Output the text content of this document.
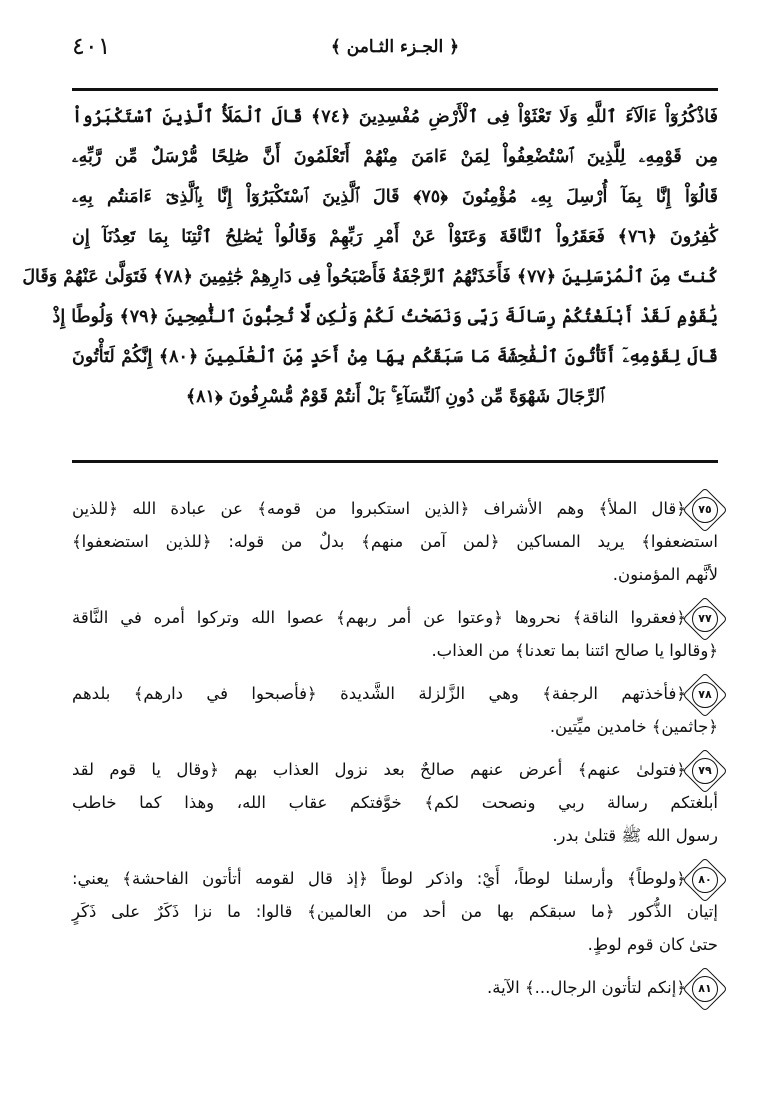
٤٠١	﴿ الجـزء الثـامن ﴾
فَاذْكُرُوٓاْ ءَالَآءَ ٱللَّهِ وَلَا تَعْثَوْاْ فِى ٱلْأَرْضِ مُفْسِدِينَ ﴿٧٤﴾ قَالَ ٱلْمَلَأُ ٱلَّذِينَ ٱسْتَكْبَرُواْ
مِن قَوْمِهِۦ لِلَّذِينَ ٱسْتُضْعِفُواْ لِمَنْ ءَامَنَ مِنْهُمْ أَتَعْلَمُونَ أَنَّ صَٰلِحًا مُّرْسَلٌ مِّن رَّبِّهِۦ
قَالُوٓاْ إِنَّا بِمَآ أُرْسِلَ بِهِۦ مُؤْمِنُونَ ﴿٧٥﴾ قَالَ ٱلَّذِينَ ٱسْتَكْبَرُوٓاْ إِنَّا بِٱلَّذِىٓ ءَامَنتُم بِهِۦ
كَٰفِرُونَ ﴿٧٦﴾ فَعَقَرُواْ ٱلنَّاقَةَ وَعَتَوْاْ عَنْ أَمْرِ رَبِّهِمْ وَقَالُواْ يَٰصَٰلِحُ ٱئْتِنَا بِمَا تَعِدُنَآ إِن
كُنتَ مِنَ ٱلْمُرْسَلِينَ ﴿٧٧﴾ فَأَخَذَتْهُمُ ٱلرَّجْفَةُ فَأَصْبَحُواْ فِى دَارِهِمْ جَٰثِمِينَ ﴿٧٨﴾ فَتَوَلَّىٰ عَنْهُمْ وَقَالَ
يَٰقَوْمِ لَقَدْ أَبْلَغْتُكُمْ رِسَالَةَ رَبِّى وَنَصَحْتُ لَكُمْ وَلَٰكِن لَّا تُحِبُّونَ ٱلنَّٰصِحِينَ ﴿٧٩﴾ وَلُوطًا إِذْ
قَالَ لِقَوْمِهِۦٓ أَتَأْتُونَ ٱلْفَٰحِشَةَ مَا سَبَقَكُم بِهَا مِنْ أَحَدٍ مِّنَ ٱلْعَٰلَمِينَ ﴿٨٠﴾ إِنَّكُمْ لَتَأْتُونَ
ٱلرِّجَالَ شَهْوَةً مِّن دُونِ ٱلنِّسَآءِ ۚ بَلْ أَنتُمْ قَوْمٌ مُّسْرِفُونَ ﴿٨١﴾
٧٥﴿قال الملأ﴾ وهم الأشراف ﴿الذين استكبروا من قومه﴾ عن عبادة الله ﴿للذين
استضعفوا﴾ يريد المساكين ﴿لمن آمن منهم﴾ بدلٌ من قوله: ﴿للذين استضعفوا﴾
لأنَّهم المؤمنون.
٧٧﴿فعقروا الناقة﴾ نحروها ﴿وعتوا عن أمر ربهم﴾ عصوا الله وتركوا أمره في النَّاقة
﴿وقالوا يا صالح ائتنا بما تعدنا﴾ من العذاب.
٧٨﴿فأخذتهم الرجفة﴾ وهي الزَّلزلة الشَّديدة ﴿فأصبحوا في دارهم﴾ بلدهم
﴿جاثمين﴾ خامدين ميِّتين.
٧٩﴿فتولىٰ عنهم﴾ أعرض عنهم صالحٌ بعد نزول العذاب بهم ﴿وقال يا قوم لقد
أبلغتكم رسالة ربي ونصحت لكم﴾ خوَّفتكم عقاب الله، وهذا كما خاطب
رسول الله ﷺ قتلىٰ بدر.
٨٠﴿ولوطاً﴾ وأرسلنا لوطاً، أَيْ: واذكر لوطاً ﴿إذ قال لقومه أتأتون الفاحشة﴾ يعني:
إتيان الذُّكور ﴿ما سبقكم بها من أحد من العالمين﴾ قالوا: ما نزا ذَكَرٌ على ذَكَرٍ
حتىٰ كان قوم لوطٍ.
٨١﴿إنكم لتأتون الرجال...﴾ الآية.
